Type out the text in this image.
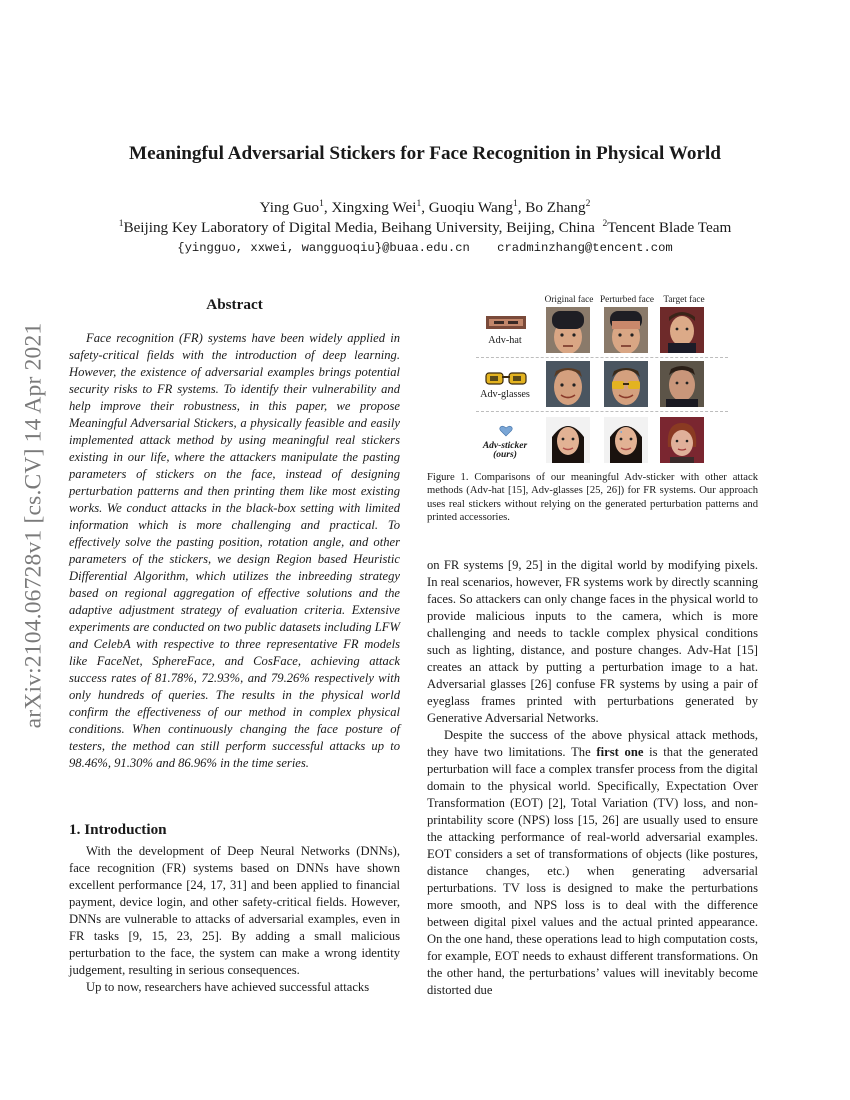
arXiv:2104.06728v1 [cs.CV] 14 Apr 2021
Meaningful Adversarial Stickers for Face Recognition in Physical World
Ying Guo$^1$, Xingxing Wei$^1$, Guoqiu Wang$^1$, Bo Zhang$^2$
$^1$Beijing Key Laboratory of Digital Media, Beihang University, Beijing, China $^2$Tencent Blade Team
{yingguo, xxwei, wangguoqiu}@buaa.edu.cn cradminzhang@tencent.com
Abstract

Face recognition (FR) systems have been widely applied in safety-critical fields with the introduction of deep learning. However, the existence of adversarial examples brings potential security risks to FR systems. To identify their vulnerability and help improve their robustness, in this paper, we propose Meaningful Adversarial Stickers, a physically feasible and easily implemented attack method by using meaningful real stickers existing in our life, where the attackers manipulate the pasting parameters of stickers on the face, instead of designing perturbation patterns and then printing them like most existing works. We conduct attacks in the black-box setting with limited information which is more challenging and practical. To effectively solve the pasting position, rotation angle, and other parameters of the stickers, we design Region based Heuristic Differential Algorithm, which utilizes the inbreeding strategy based on regional aggregation of effective solutions and the adaptive adjustment strategy of evaluation criteria. Extensive experiments are conducted on two public datasets including LFW and CelebA with respective to three representative FR models like FaceNet, SphereFace, and CosFace, achieving attack success rates of 81.78%, 72.93%, and 79.26% respectively with only hundreds of queries. The results in the physical world confirm the effectiveness of our method in complex physical conditions. When continuously changing the face posture of testers, the method can still perform successful attacks up to 98.46%, 91.30% and 86.96% in the time series.

1. Introduction

With the development of Deep Neural Networks (DNNs), face recognition (FR) systems based on DNNs have shown excellent performance [24, 17, 31] and been applied to financial payment, device login, and other safety-critical fields. However, DNNs are vulnerable to attacks of adversarial examples, even in FR tasks [9, 15, 23, 25]. By adding a small malicious perturbation to the face, the system can make a wrong identity judgement, resulting in serious consequences.

Up to now, researchers have achieved successful attacks

Original face Perturbed face	Target face
Adv-hat
Adv-glasses
Adv-sticker
(ours)

Figure 1. Comparisons of our meaningful Adv-sticker with other attack methods (Adv-hat [15], Adv-glasses [25, 26]) for FR systems. Our approach uses real stickers without relying on the generated perturbation patterns and printed accessories.

on FR systems [9, 25] in the digital world by modifying pixels. In real scenarios, however, FR systems work by directly scanning faces. So attackers can only change faces in the physical world to provide malicious inputs to the camera, which is more challenging and needs to tackle complex physical conditions such as lighting, distance, and posture changes. Adv-Hat [15] creates an attack by putting a perturbation image to a hat. Adversarial glasses [26] confuse FR systems by using a pair of eyeglass frames printed with perturbations generated by Generative Adversarial Networks.

Despite the success of the above physical attack methods, they have two limitations. The first one is that the generated perturbation will face a complex transfer process from the digital domain to the physical world. Specifically, Expectation Over Transformation (EOT) [2], Total Variation (TV) loss, and non-printability score (NPS) loss [15, 26] are usually used to ensure the attacking performance of real-world adversarial examples. EOT considers a set of transformations of objects (like postures, distance changes, etc.) when generating adversarial perturbations. TV loss is designed to make the perturbations more smooth, and NPS loss is to deal with the difference between digital pixel values and the actual printed appearance. On the one hand, these operations lead to high computation costs, for example, EOT needs to exhaust different transformations. On the other hand, the perturbations’ values will inevitably become distorted due
